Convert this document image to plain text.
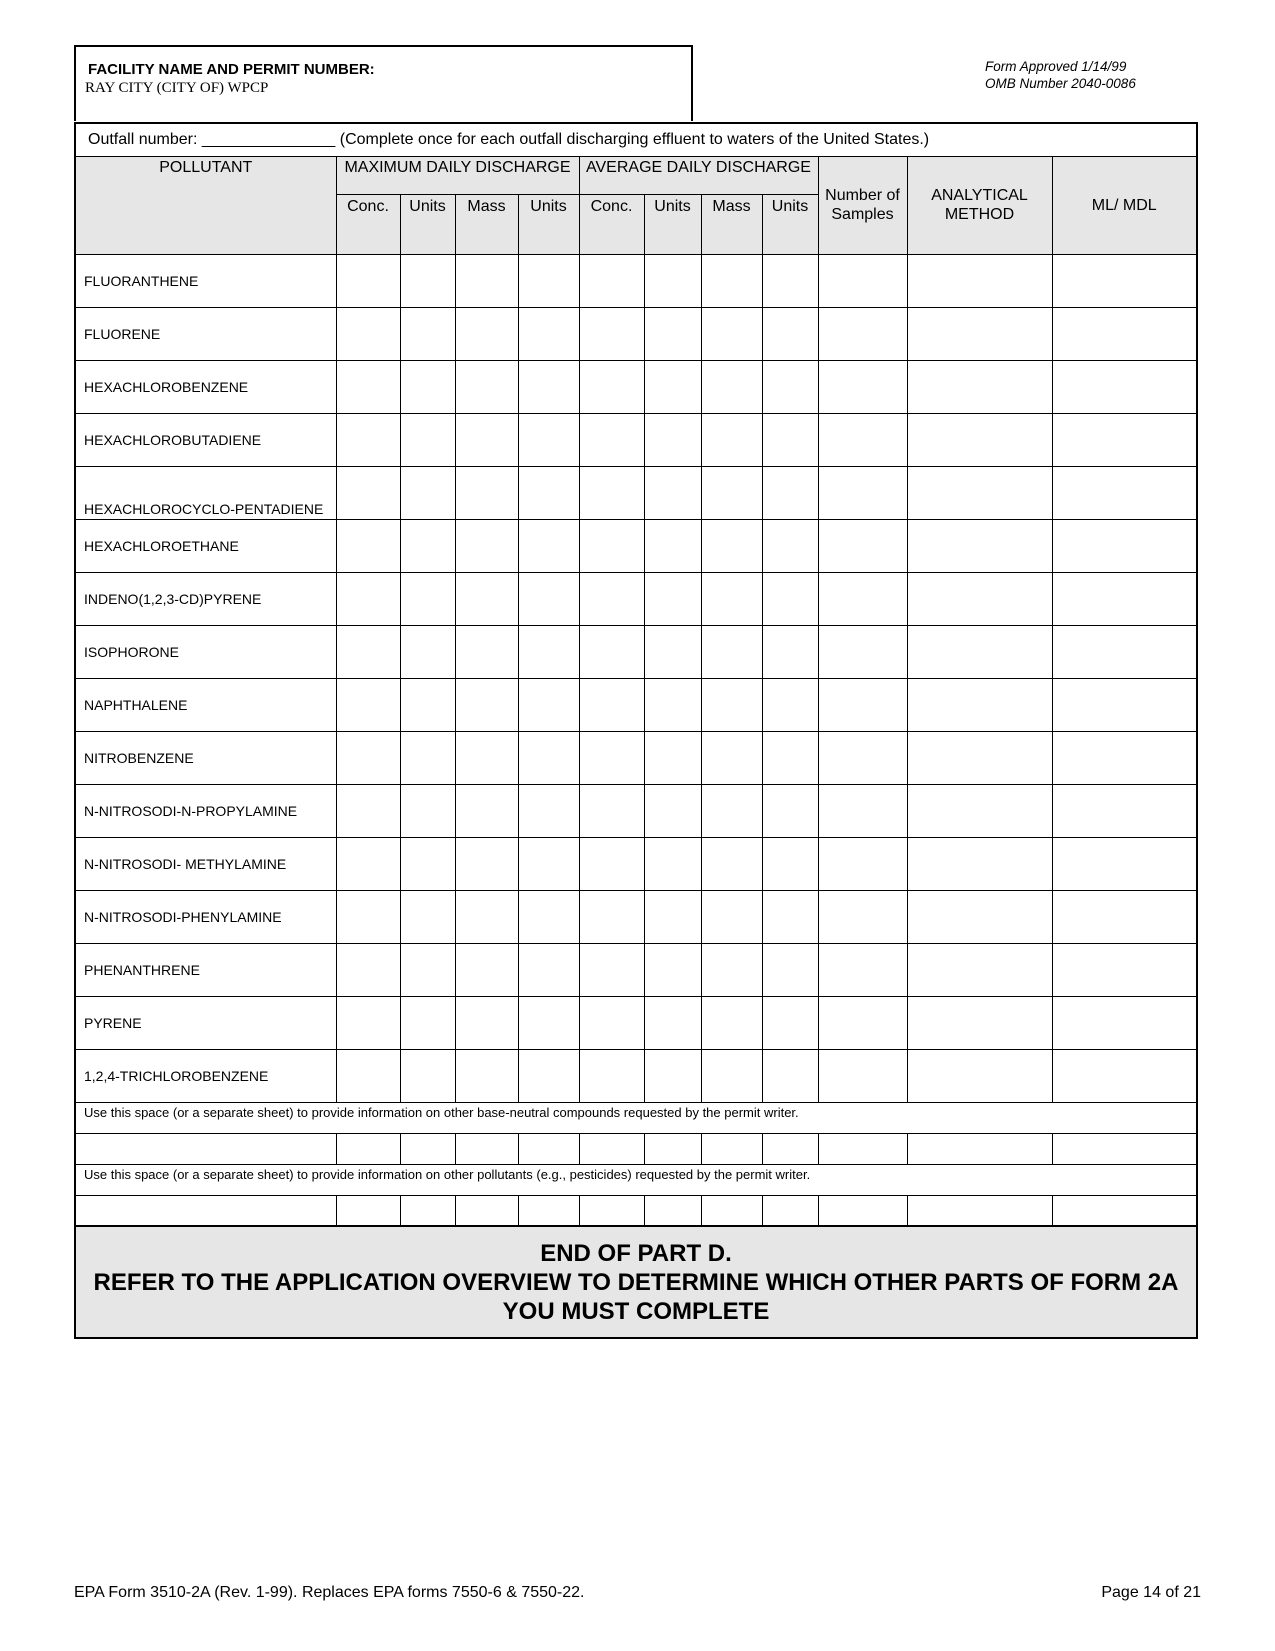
FACILITY NAME AND PERMIT NUMBER:
RAY CITY (CITY OF) WPCP
Form Approved 1/14/99
OMB Number 2040-0086
Outfall number: _______________ (Complete once for each outfall discharging effluent to waters of the United States.)											
POLLUTANT	MAXIMUM DAILY DISCHARGE				AVERAGE DAILY DISCHARGE				Number of Samples	ANALYTICAL METHOD	ML/ MDL
	Conc.	Units	Mass	Units	Conc.	Units	Mass	Units			
FLUORANTHENE											
FLUORENE											
HEXACHLOROBENZENE											
HEXACHLOROBUTADIENE											
HEXACHLOROCYCLO-PENTADIENE											
HEXACHLOROETHANE											
INDENO(1,2,3-CD)PYRENE											
ISOPHORONE											
NAPHTHALENE											
NITROBENZENE											
N-NITROSODI-N-PROPYLAMINE											
N-NITROSODI- METHYLAMINE											
N-NITROSODI-PHENYLAMINE											
PHENANTHRENE											
PYRENE											
1,2,4-TRICHLOROBENZENE											
Use this space (or a separate sheet) to provide information on other base-neutral compounds requested by the permit writer.											

Use this space (or a separate sheet) to provide information on other pollutants (e.g., pesticides) requested by the permit writer.											

END OF PART D.
REFER TO THE APPLICATION OVERVIEW TO DETERMINE WHICH OTHER PARTS OF FORM 2A YOU MUST COMPLETE											
EPA Form 3510-2A (Rev. 1-99). Replaces EPA forms 7550-6 & 7550-22.	Page 14 of 21
